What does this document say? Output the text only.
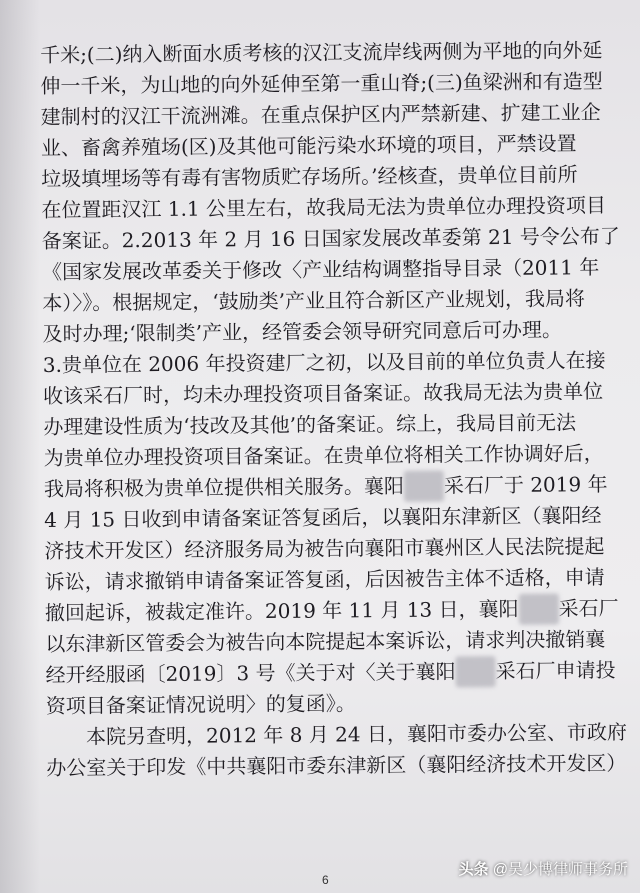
千米;(二)纳入断面水质考核的汉江支流岸线两侧为平地的向外延
伸一千米，为山地的向外延伸至第一重山脊;(三)鱼梁洲和有造型
建制村的汉江干流洲滩。在重点保护区内严禁新建、扩建工业企
业、畜禽养殖场(区)及其他可能污染水环境的项目，严禁设置
垃圾填埋场等有毒有害物质贮存场所。’经核查，贵单位目前所
在位置距汉江 1.1 公里左右，故我局无法为贵单位办理投资项目
备案证。2.2013 年 2 月 16 日国家发展改革委第 21 号令公布了
《国家发展改革委关于修改〈产业结构调整指导目录（2011 年
本）〉》。根据规定，‘鼓励类’产业且符合新区产业规划，我局将
及时办理;‘限制类’产业，经管委会领导研究同意后可办理。
3.贵单位在 2006 年投资建厂之初，以及目前的单位负责人在接
收该采石厂时，均未办理投资项目备案证。故我局无法为贵单位
办理建设性质为‘技改及其他’的备案证。综上，我局目前无法
为贵单位办理投资项目备案证。在贵单位将相关工作协调好后，
我局将积极为贵单位提供相关服务。襄阳 采石厂于 2019 年
4 月 15 日收到申请备案证答复函后，以襄阳东津新区（襄阳经
济技术开发区）经济服务局为被告向襄阳市襄州区人民法院提起
诉讼，请求撤销申请备案证答复函，后因被告主体不适格，申请
撤回起诉，被裁定准许。2019 年 11 月 13 日，襄阳 采石厂
以东津新区管委会为被告向本院提起本案诉讼，请求判决撤销襄
经开经服函〔2019〕3 号《关于对〈关于襄阳 采石厂申请投
资项目备案证情况说明〉的复函》。
本院另查明，2012 年 8 月 24 日，襄阳市委办公室、市政府
办公室关于印发《中共襄阳市委东津新区（襄阳经济技术开发区）
6
头条 @吴少博律师事务所
